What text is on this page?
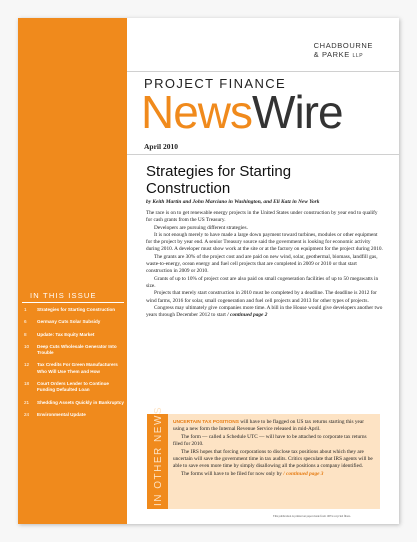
IN THIS ISSUE
1 Strategies for Starting Construction
6 Germany Cuts Solar Subsidy
8 Update: Tax Equity Market
10 Deep Cuts Wholesale Generator Into Trouble
12 Tax Credits For Green Manufacturers Who Will Use Them and How
18 Court Orders Lender to Continue Funding Defaulted Loan
21 Shedding Assets Quickly in Bankruptcy
24 Environmental Update
CHADBOURNE
& PARKE LLP
PROJECT FINANCE
NewsWire
April 2010
Strategies for Starting Construction
by Keith Martin and John Marciano in Washington, and Eli Katz in New York

The race is on to get renewable energy projects in the United States under construction by year end to qualify for cash grants from the US Treasury.

Developers are pursuing different strategies.

It is not enough merely to have made a large down payment toward turbines, modules or other equipment for the project by year end. A senior Treasury source said the government is looking for economic activity during 2010. A developer must show work at the site or at the factory on equipment for the project during 2010.

The grants are 30% of the project cost and are paid on new wind, solar, geothermal, biomass, landfill gas, waste-to-energy, ocean energy and fuel cell projects that are completed in 2009 or 2010 or that start construction in 2009 or 2010.

Grants of up to 10% of project cost are also paid on small cogeneration facilities of up to 50 megawatts in size.

Projects that merely start construction in 2010 must be completed by a deadline. The deadline is 2012 for wind farms, 2016 for solar, small cogeneration and fuel cell projects and 2013 for other types of projects.

Congress may ultimately give companies more time. A bill in the House would give developers another two years through December 2012 to start / continued page 2

IN OTHER NEWS UNCERTAIN TAX POSITIONS will have to be flagged on US tax returns starting this year using a new form the Internal Revenue Service released in mid-April.

The form — called a Schedule UTC — will have to be attached to corporate tax returns filed for 2010.

The IRS hopes that forcing corporations to disclose tax positions about which they are uncertain will save the government time in tax audits. Critics speculate that IRS agents will be able to save even more time by simply disallowing all the positions a company identified.

The forms will have to be filed for now only by / continued page 3

This publication is printed on paper made from 100% recycled fibers.
